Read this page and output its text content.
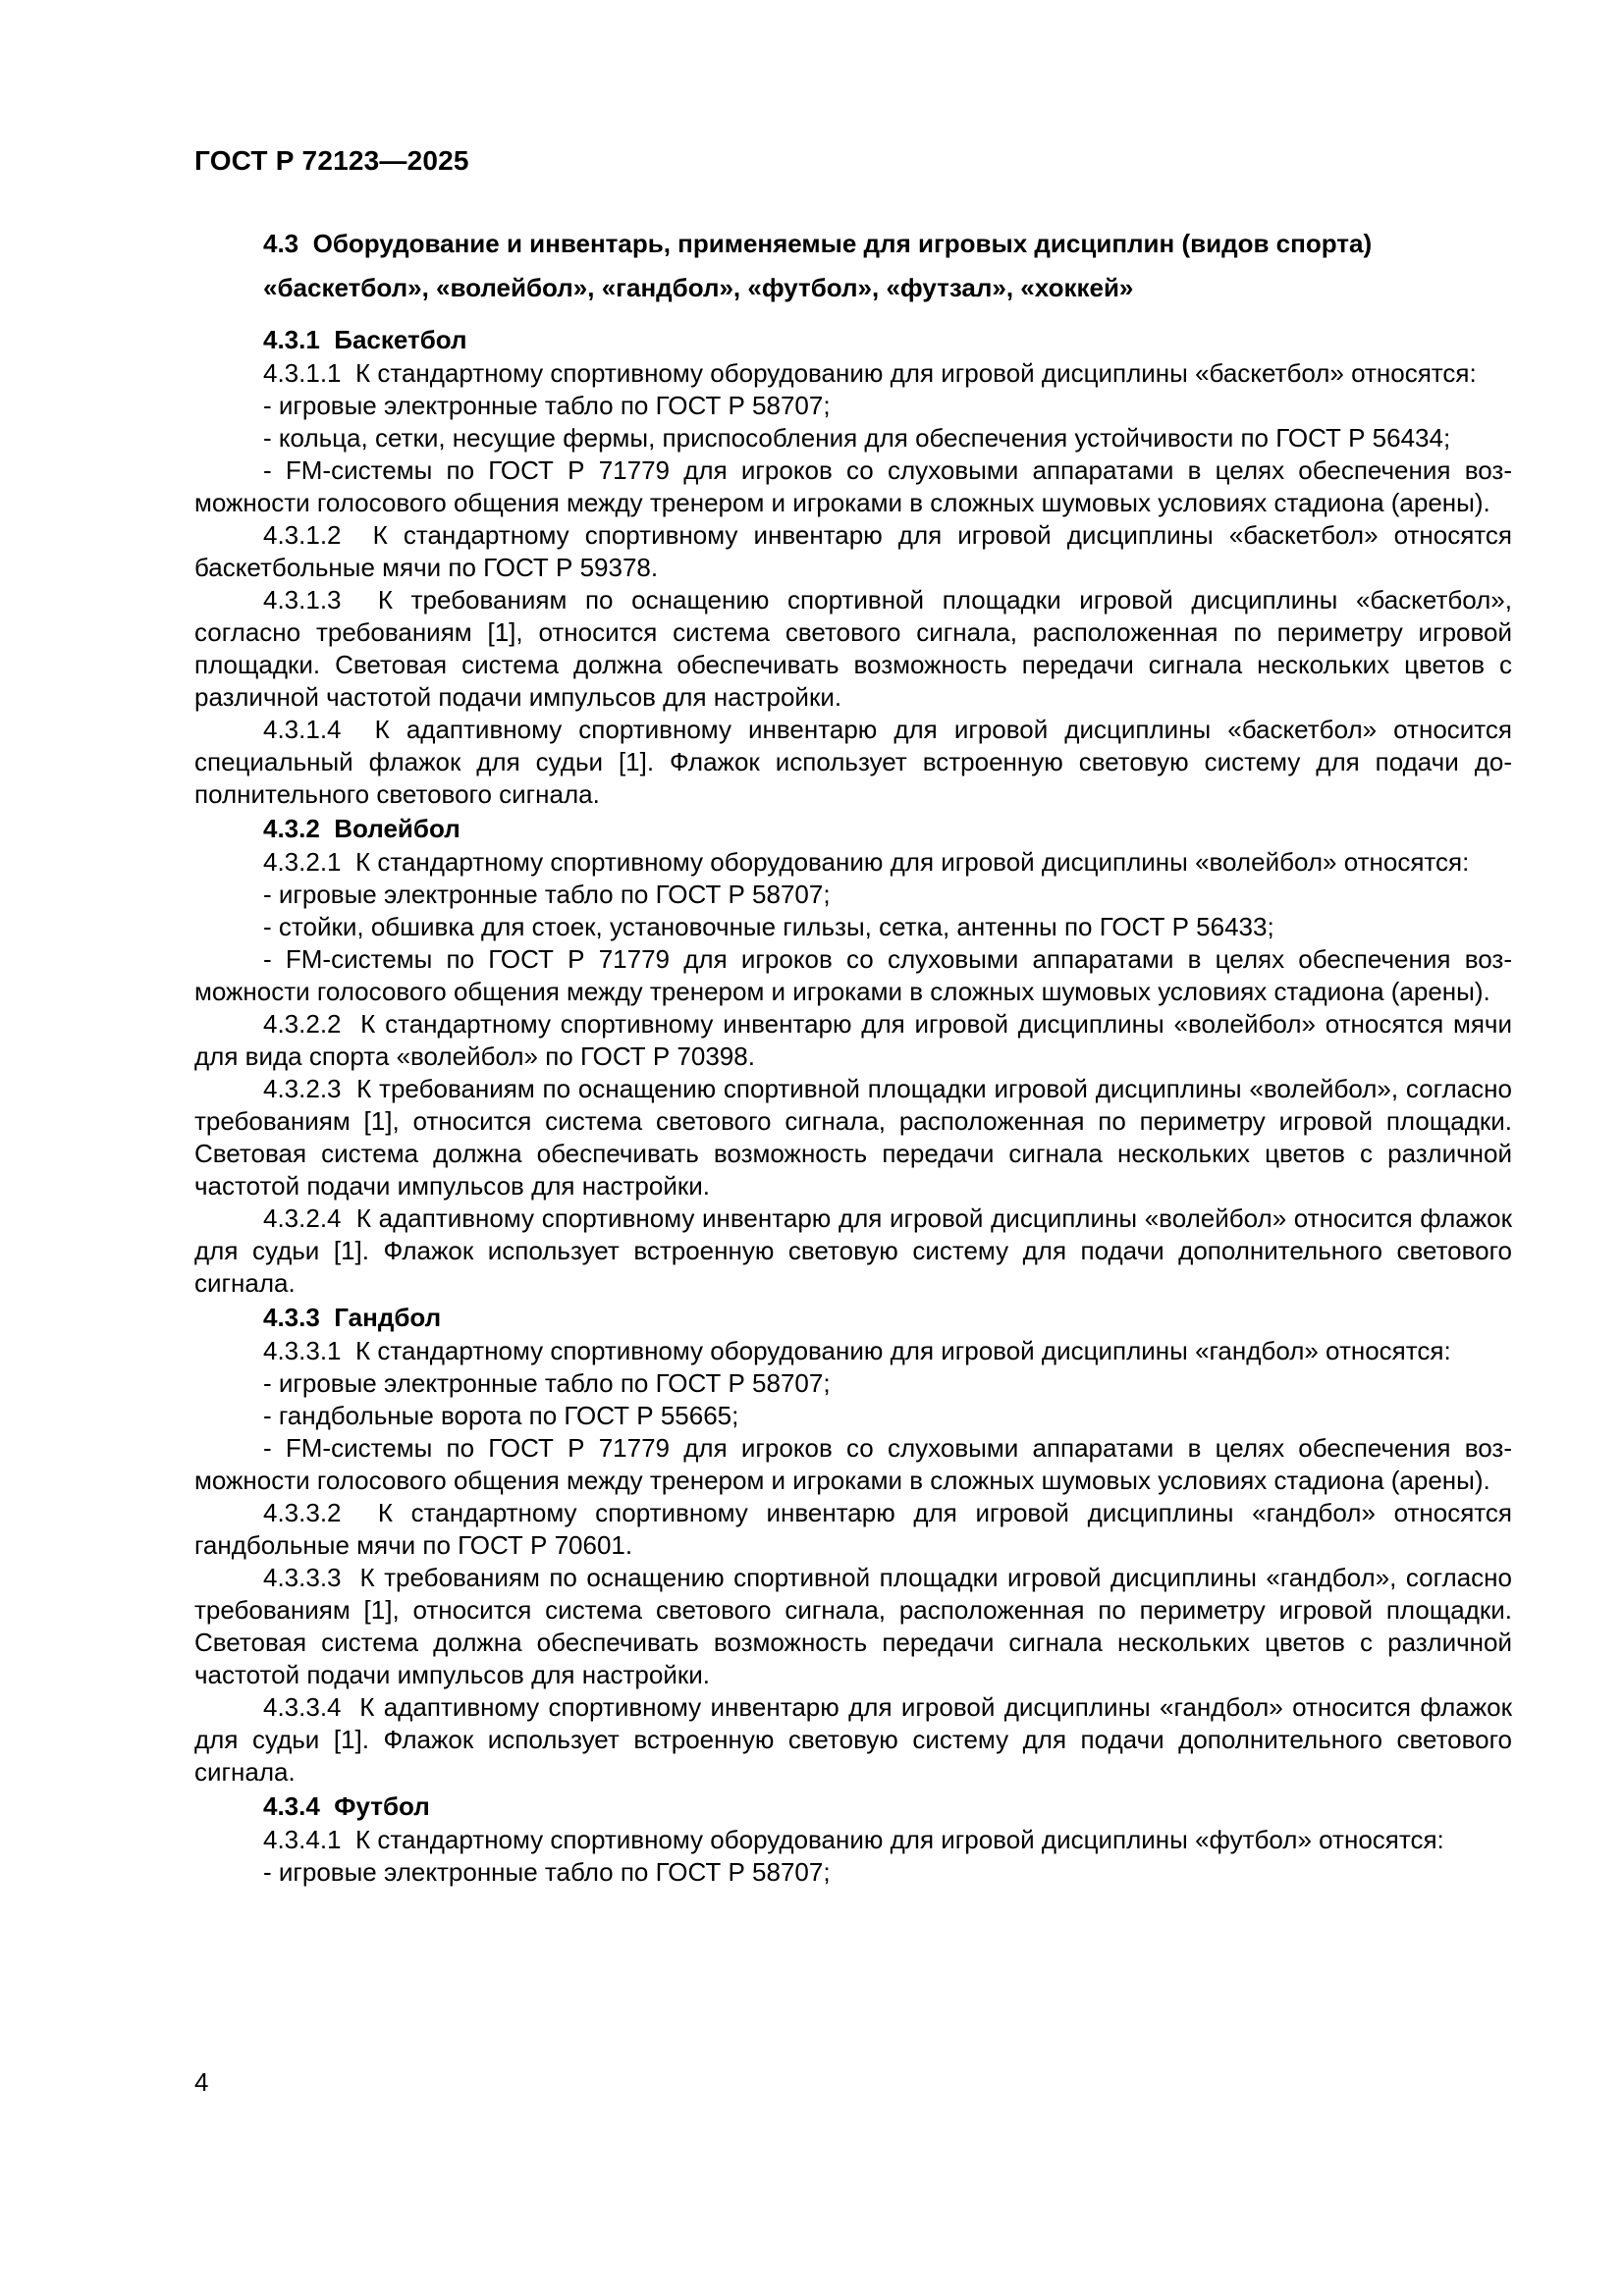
ГОСТ Р 72123—2025

4.3  Оборудование и инвентарь, применяемые для игровых дисциплин (видов спорта) «баскетбол», «волейбол», «гандбол», «футбол», «футзал», «хоккей»

4.3.1  Баскетбол

4.3.1.1  К стандартному спортивному оборудованию для игровой дисциплины «баскетбол» относятся:

- игровые электронные табло по ГОСТ Р 58707;

- кольца, сетки, несущие фермы, приспособления для обеспечения устойчивости по ГОСТ Р 56434;

- FM-системы по ГОСТ Р 71779 для игроков со слуховыми аппаратами в целях обеспечения возможности голосового общения между тренером и игроками в сложных шумовых условиях стадиона (арены).

4.3.1.2  К стандартному спортивному инвентарю для игровой дисциплины «баскетбол» относятся баскетбольные мячи по ГОСТ Р 59378.

4.3.1.3  К требованиям по оснащению спортивной площадки игровой дисциплины «баскетбол», согласно требованиям [1], относится система светового сигнала, расположенная по периметру игровой площадки. Световая система должна обеспечивать возможность передачи сигнала нескольких цветов с различной частотой подачи импульсов для настройки.

4.3.1.4  К адаптивному спортивному инвентарю для игровой дисциплины «баскетбол» относится специальный флажок для судьи [1]. Флажок использует встроенную световую систему для подачи дополнительного светового сигнала.

4.3.2  Волейбол

4.3.2.1  К стандартному спортивному оборудованию для игровой дисциплины «волейбол» относятся:

- игровые электронные табло по ГОСТ Р 58707;

- стойки, обшивка для стоек, установочные гильзы, сетка, антенны по ГОСТ Р 56433;

- FM-системы по ГОСТ Р 71779 для игроков со слуховыми аппаратами в целях обеспечения возможности голосового общения между тренером и игроками в сложных шумовых условиях стадиона (арены).

4.3.2.2  К стандартному спортивному инвентарю для игровой дисциплины «волейбол» относятся мячи для вида спорта «волейбол» по ГОСТ Р 70398.

4.3.2.3  К требованиям по оснащению спортивной площадки игровой дисциплины «волейбол», согласно требованиям [1], относится система светового сигнала, расположенная по периметру игровой площадки. Световая система должна обеспечивать возможность передачи сигнала нескольких цветов с различной частотой подачи импульсов для настройки.

4.3.2.4  К адаптивному спортивному инвентарю для игровой дисциплины «волейбол» относится флажок для судьи [1]. Флажок использует встроенную световую систему для подачи дополнительного светового сигнала.

4.3.3  Гандбол

4.3.3.1  К стандартному спортивному оборудованию для игровой дисциплины «гандбол» относятся:

- игровые электронные табло по ГОСТ Р 58707;

- гандбольные ворота по ГОСТ Р 55665;

- FM-системы по ГОСТ Р 71779 для игроков со слуховыми аппаратами в целях обеспечения возможности голосового общения между тренером и игроками в сложных шумовых условиях стадиона (арены).

4.3.3.2  К стандартному спортивному инвентарю для игровой дисциплины «гандбол» относятся гандбольные мячи по ГОСТ Р 70601.

4.3.3.3  К требованиям по оснащению спортивной площадки игровой дисциплины «гандбол», согласно требованиям [1], относится система светового сигнала, расположенная по периметру игровой площадки. Световая система должна обеспечивать возможность передачи сигнала нескольких цветов с различной частотой подачи импульсов для настройки.

4.3.3.4  К адаптивному спортивному инвентарю для игровой дисциплины «гандбол» относится флажок для судьи [1]. Флажок использует встроенную световую систему для подачи дополнительного светового сигнала.

4.3.4  Футбол

4.3.4.1  К стандартному спортивному оборудованию для игровой дисциплины «футбол» относятся:

- игровые электронные табло по ГОСТ Р 58707;

4
